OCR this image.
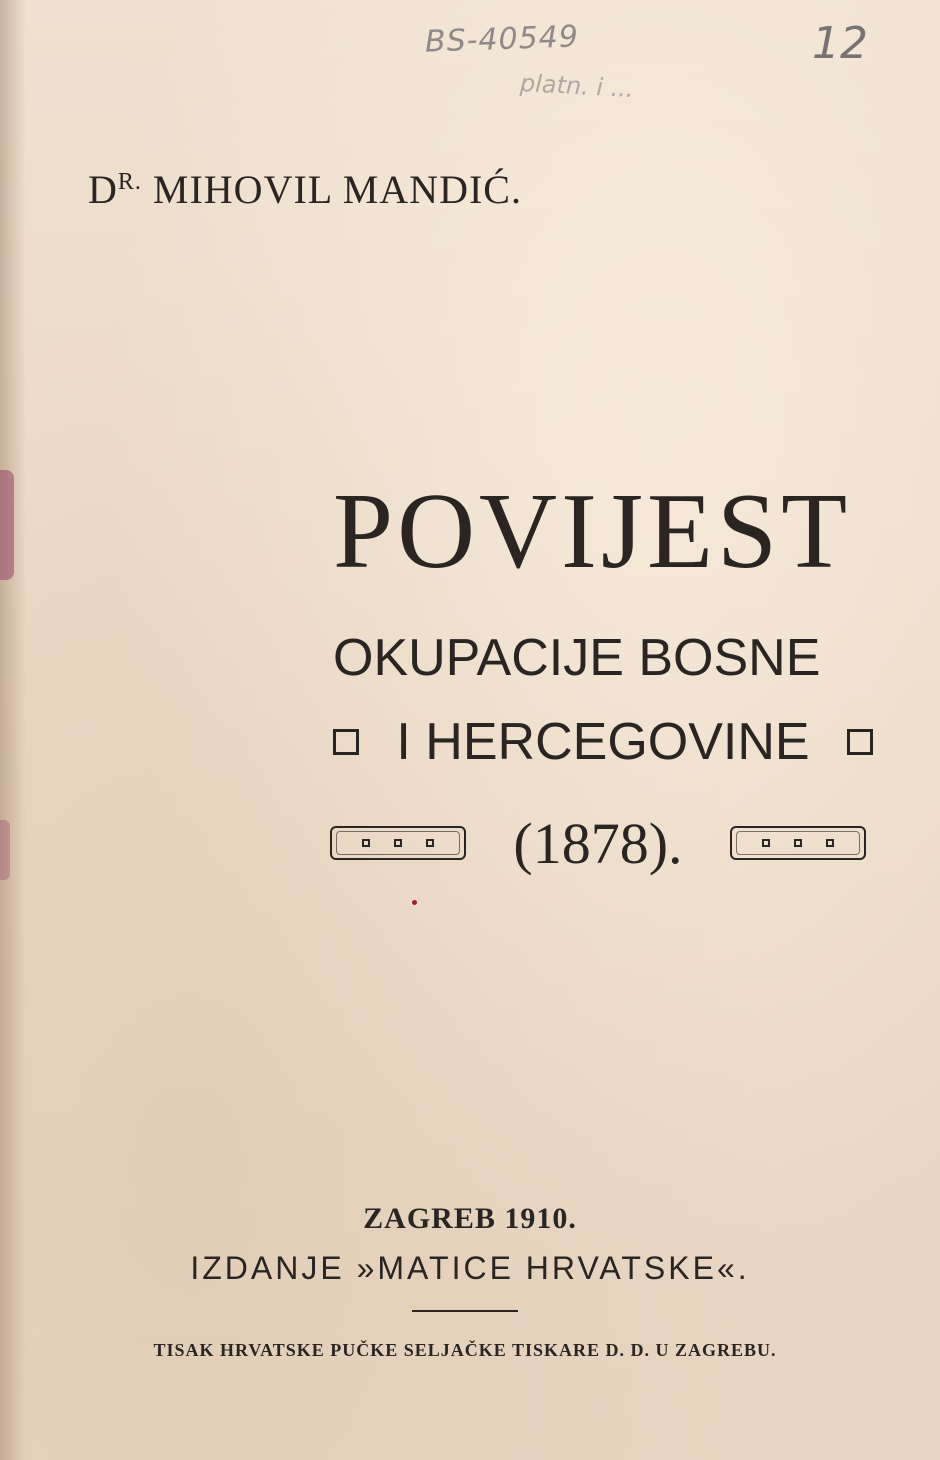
BS-40549	12
platn. i ...
$D^{R.}$ MIHOVIL MANDIĆ.
POVIJEST
OKUPACIJE BOSNE
I HERCEGOVINE
(1878).
ZAGREB 1910.
IZDANJE »MATICE HRVATSKE«.
TISAK HRVATSKE PUČKE SELJAČKE TISKARE D. D. U ZAGREBU.
